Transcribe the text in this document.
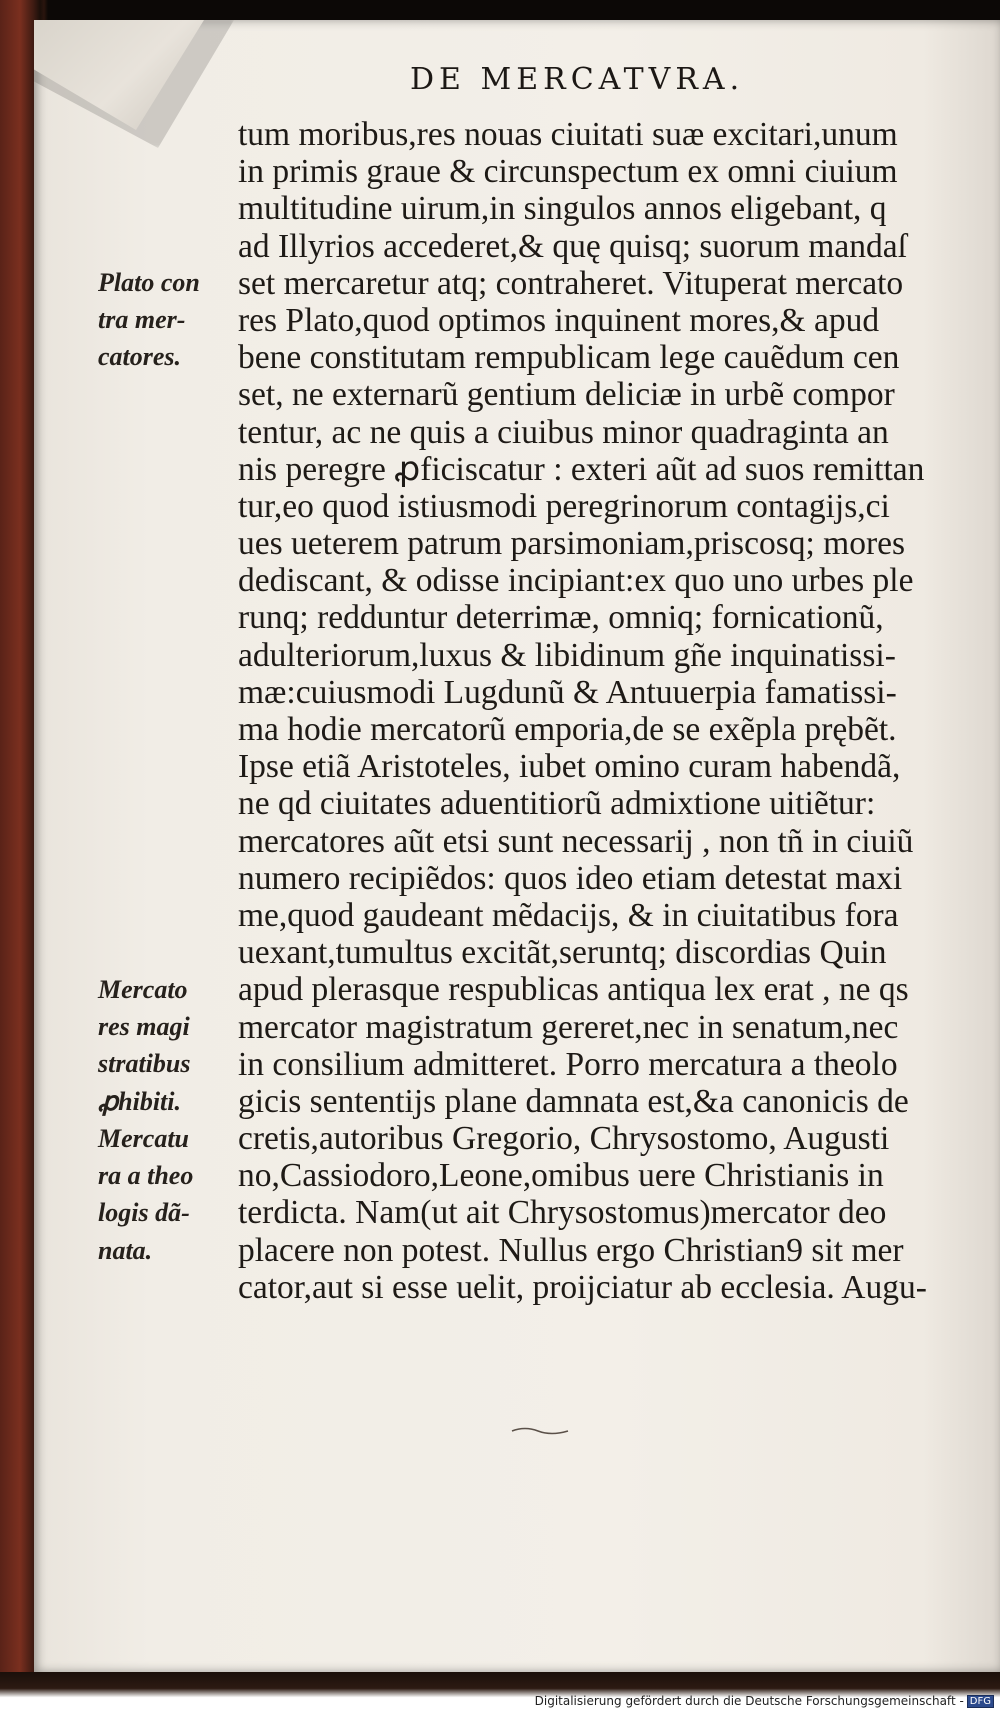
DE MERCATVRA.
tum moribus,res nouas ciuitati suæ excitari,unum
in primis graue & circunspectum ex omni ciuium
multitudine uirum,in singulos annos eligebant, q
ad Illyrios accederet,& quę quisq; suorum mandaſ
set mercaretur atq; contraheret. Vituperat mercato
res Plato,quod optimos inquinent mores,& apud
bene constitutam rempublicam lege cauẽdum cen
set, ne externarũ gentium deliciæ in urbẽ compor
tentur, ac ne quis a ciuibus minor quadraginta an
nis peregre ꝓficiscatur : exteri aũt ad suos remittan
tur,eo quod istiusmodi peregrinorum contagijs,ci
ues ueterem patrum parsimoniam,priscosq; mores
dediscant, & odisse incipiant:ex quo uno urbes ple
runq; redduntur deterrimæ, omniq; fornicationũ,
adulteriorum,luxus & libidinum gñe inquinatissi-
mæ:cuiusmodi Lugdunũ & Antuuerpia famatissi-
ma hodie mercatorũ emporia,de se exẽpla prębẽt.
Ipse etiã Aristoteles, iubet omino curam habendã,
ne qd ciuitates aduentitiorũ admixtione uitiẽtur:
mercatores aũt etsi sunt necessarij , non tñ in ciuiũ
numero recipiẽdos: quos ideo etiam detestat maxi
me,quod gaudeant mẽdacijs, & in ciuitatibus fora
uexant,tumultus excitãt,seruntq; discordias Quin
apud plerasque respublicas antiqua lex erat , ne qs
mercator magistratum gereret,nec in senatum,nec
in consilium admitteret. Porro mercatura a theolo
gicis sententijs plane damnata est,&a canonicis de
cretis,autoribus Gregorio, Chrysostomo, Augusti
no,Cassiodoro,Leone,omibus uere Christianis in
terdicta. Nam(ut ait Chrysostomus)mercator deo
placere non potest. Nullus ergo Christian9 sit mer
cator,aut si esse uelit, proijciatur ab ecclesia. Augu-
Plato con
tra mer-
catores.
Mercato
res magi
stratibus
ꝓhibiti.
Mercatu
ra a theo
logis dã-
nata.
Digitalisierung gefördert durch die Deutsche Forschungsgemeinschaft - DFG
